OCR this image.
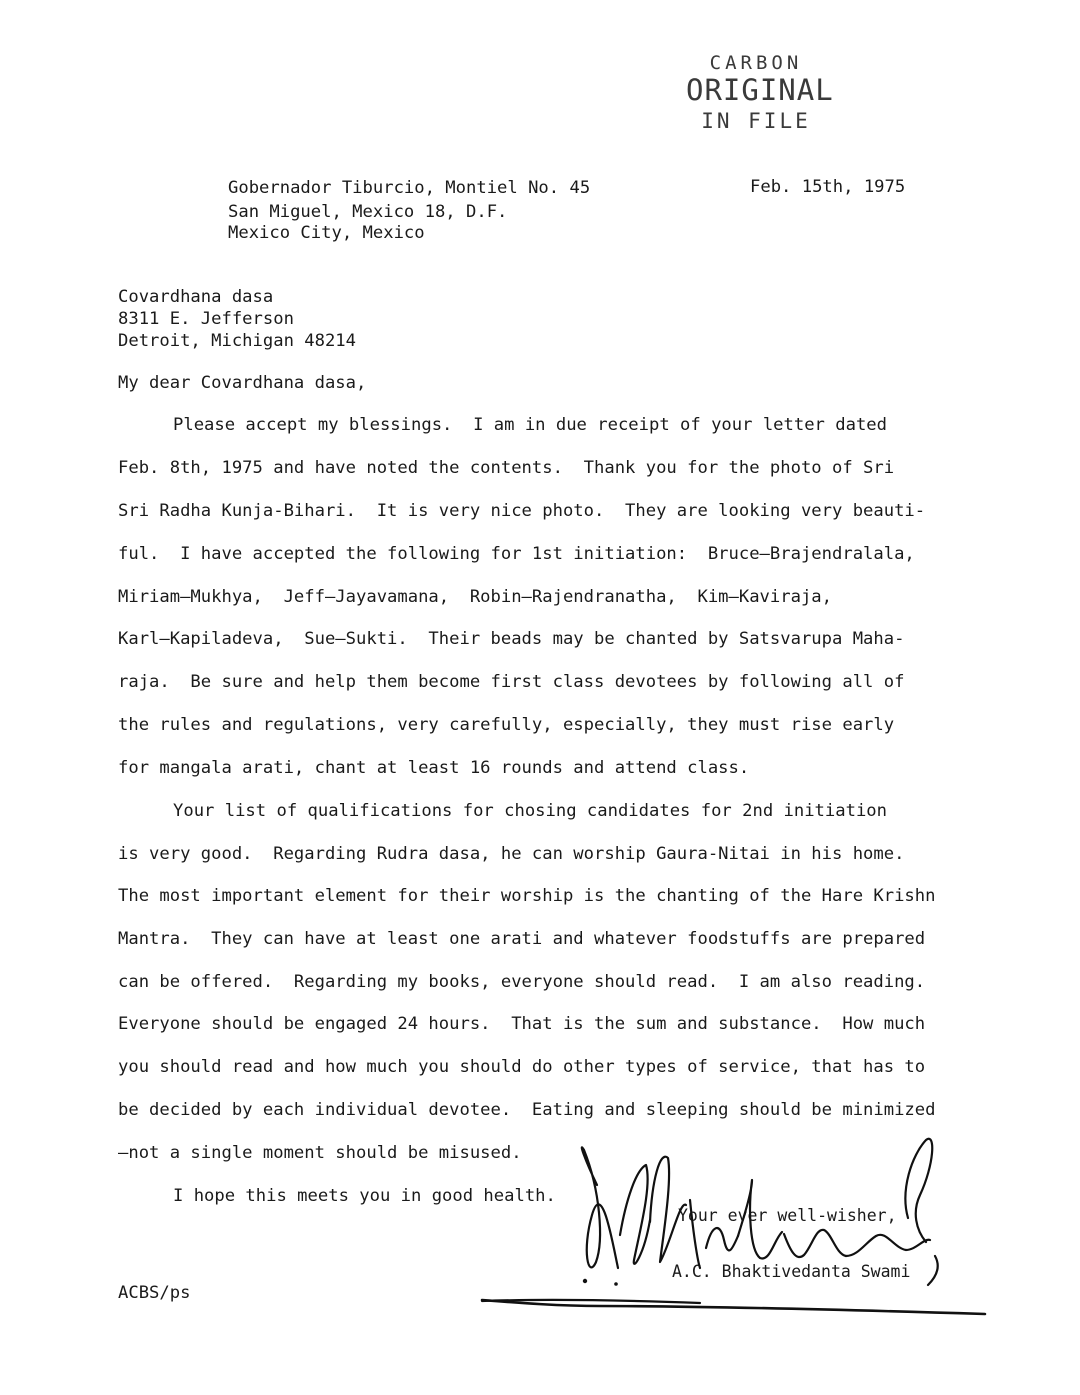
CARBON
ORIGINAL
IN FILE
Gobernador Tiburcio, Montiel No. 45
San Miguel, Mexico 18, D.F.
Mexico City, Mexico
Feb. 15th, 1975
Covardhana dasa
8311 E. Jefferson
Detroit, Michigan 48214
My dear Covardhana dasa,
Please accept my blessings.  I am in due receipt of your letter dated
Feb. 8th, 1975 and have noted the contents.  Thank you for the photo of Sri
Sri Radha Kunja-Bihari.  It is very nice photo.  They are looking very beauti-
ful.  I have accepted the following for 1st initiation:  Bruce—Brajendralala,
Miriam—Mukhya,  Jeff—Jayavamana,  Robin—Rajendranatha,  Kim—Kaviraja,
Karl—Kapiladeva,  Sue—Sukti.  Their beads may be chanted by Satsvarupa Maha-
raja.  Be sure and help them become first class devotees by following all of
the rules and regulations, very carefully, especially, they must rise early
for mangala arati, chant at least 16 rounds and attend class.
Your list of qualifications for chosing candidates for 2nd initiation
is very good.  Regarding Rudra dasa, he can worship Gaura-Nitai in his home.
The most important element for their worship is the chanting of the Hare Krishn
Mantra.  They can have at least one arati and whatever foodstuffs are prepared
can be offered.  Regarding my books, everyone should read.  I am also reading.
Everyone should be engaged 24 hours.  That is the sum and substance.  How much
you should read and how much you should do other types of service, that has to
be decided by each individual devotee.  Eating and sleeping should be minimized
—not a single moment should be misused.
I hope this meets you in good health.
Your ever well-wisher,
A.C. Bhaktivedanta Swami
ACBS/ps
